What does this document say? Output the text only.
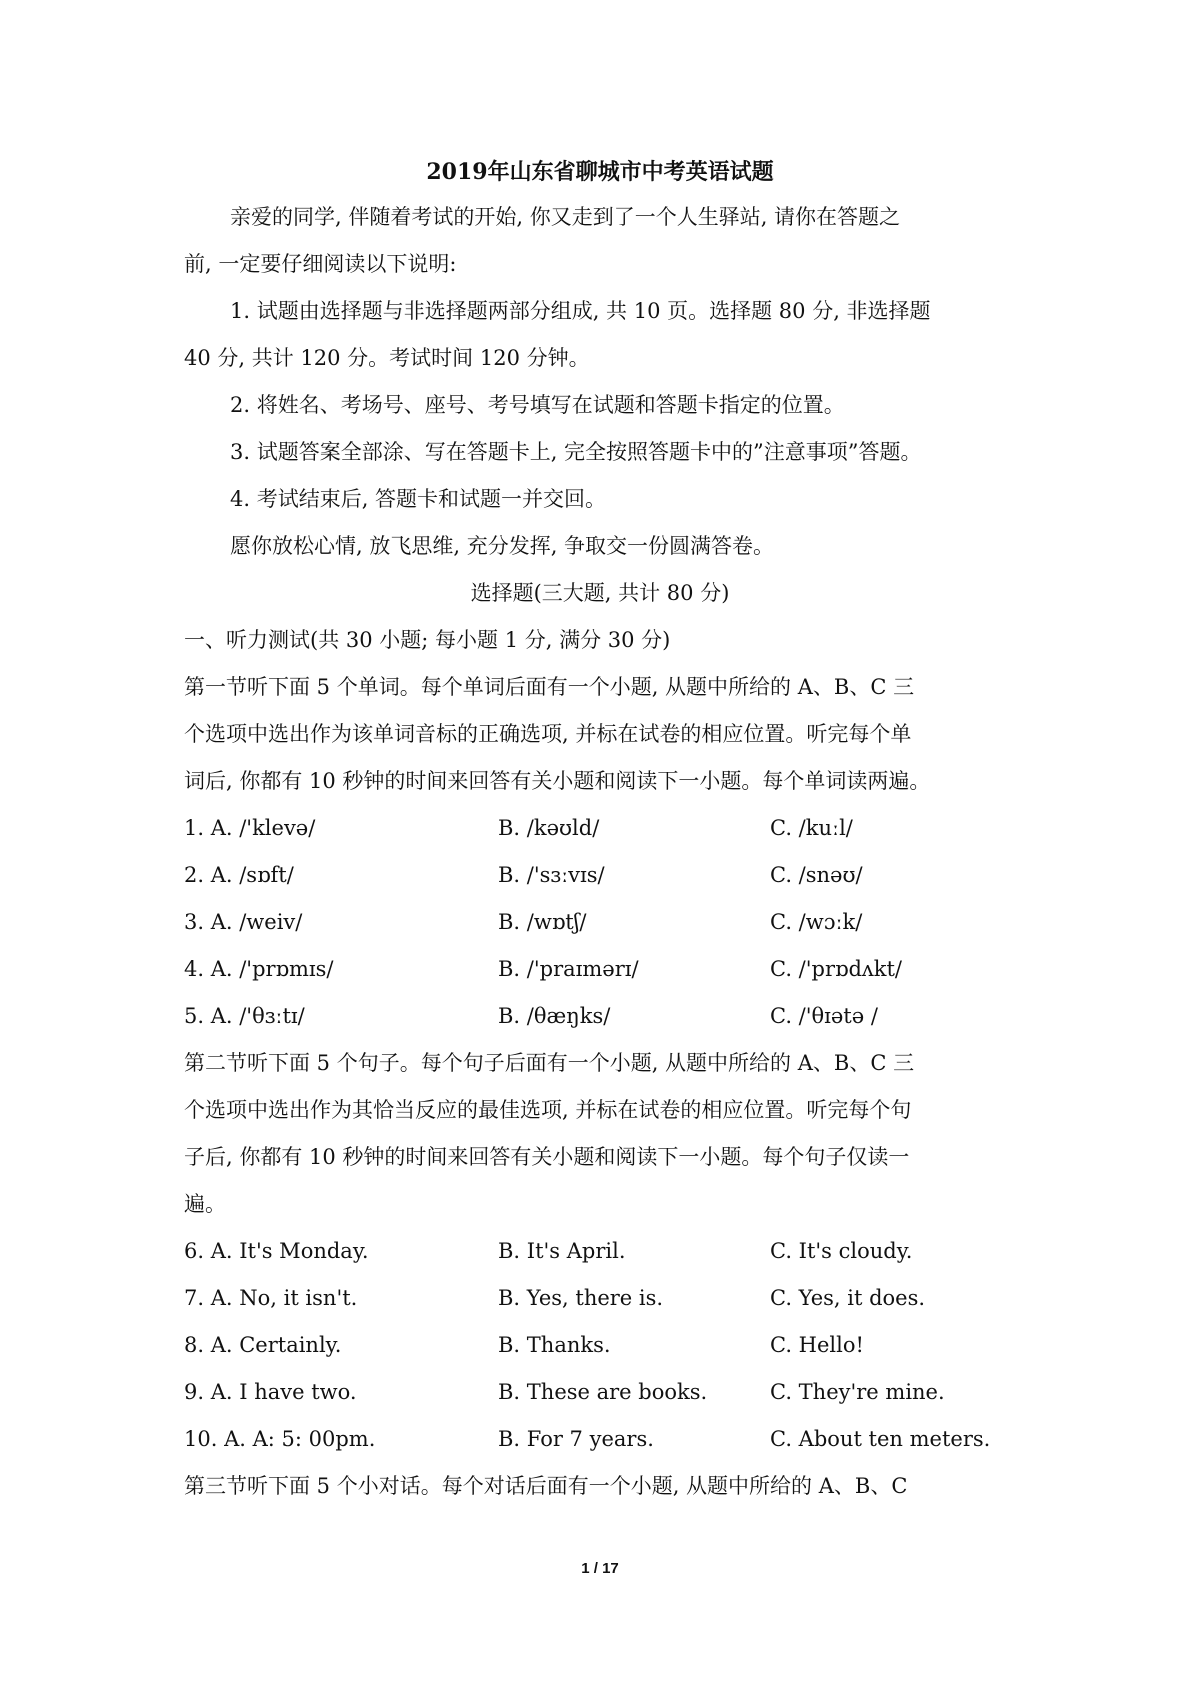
2019年山东省聊城市中考英语试题
亲爱的同学, 伴随着考试的开始, 你又走到了一个人生驿站, 请你在答题之
前, 一定要仔细阅读以下说明:
1. 试题由选择题与非选择题两部分组成, 共 10 页。选择题 80 分, 非选择题
40 分, 共计 120 分。考试时间 120 分钟。
2. 将姓名、考场号、座号、考号填写在试题和答题卡指定的位置。
3. 试题答案全部涂、写在答题卡上, 完全按照答题卡中的”注意事项”答题。
4. 考试结束后, 答题卡和试题一并交回。
愿你放松心情, 放飞思维, 充分发挥, 争取交一份圆满答卷。
选择题(三大题, 共计 80 分)
一、听力测试(共 30 小题; 每小题 1 分, 满分 30 分)
第一节听下面 5 个单词。每个单词后面有一个小题, 从题中所给的 A、B、C 三
个选项中选出作为该单词音标的正确选项, 并标在试卷的相应位置。听完每个单
词后, 你都有 10 秒钟的时间来回答有关小题和阅读下一小题。每个单词读两遍。
1. A. /'klevə/	B. /kəʊld/	C. /kuːl/
2. A. /sɒft/	B. /'sɜːvɪs/	C. /snəʊ/
3. A. /weiv/	B. /wɒtʃ/	C. /wɔːk/
4. A. /'prɒmɪs/	B. /'praɪmərɪ/	C. /'prɒdʌkt/
5. A. /'θɜːtɪ/	B. /θæŋks/	C. /'θɪətə /
第二节听下面 5 个句子。每个句子后面有一个小题, 从题中所给的 A、B、C 三
个选项中选出作为其恰当反应的最佳选项, 并标在试卷的相应位置。听完每个句
子后, 你都有 10 秒钟的时间来回答有关小题和阅读下一小题。每个句子仅读一
遍。
6. A. It's Monday.	B. It's April.	C. It's cloudy.
7. A. No, it isn't.	B. Yes, there is.	C. Yes, it does.
8. A. Certainly.	B. Thanks.	C. Hello!
9. A. I have two.	B. These are books.	C. They're mine.
10. A. A: 5: 00pm.	B. For 7 years.	C. About ten meters.
第三节听下面 5 个小对话。每个对话后面有一个小题, 从题中所给的 A、B、C
1 / 17
